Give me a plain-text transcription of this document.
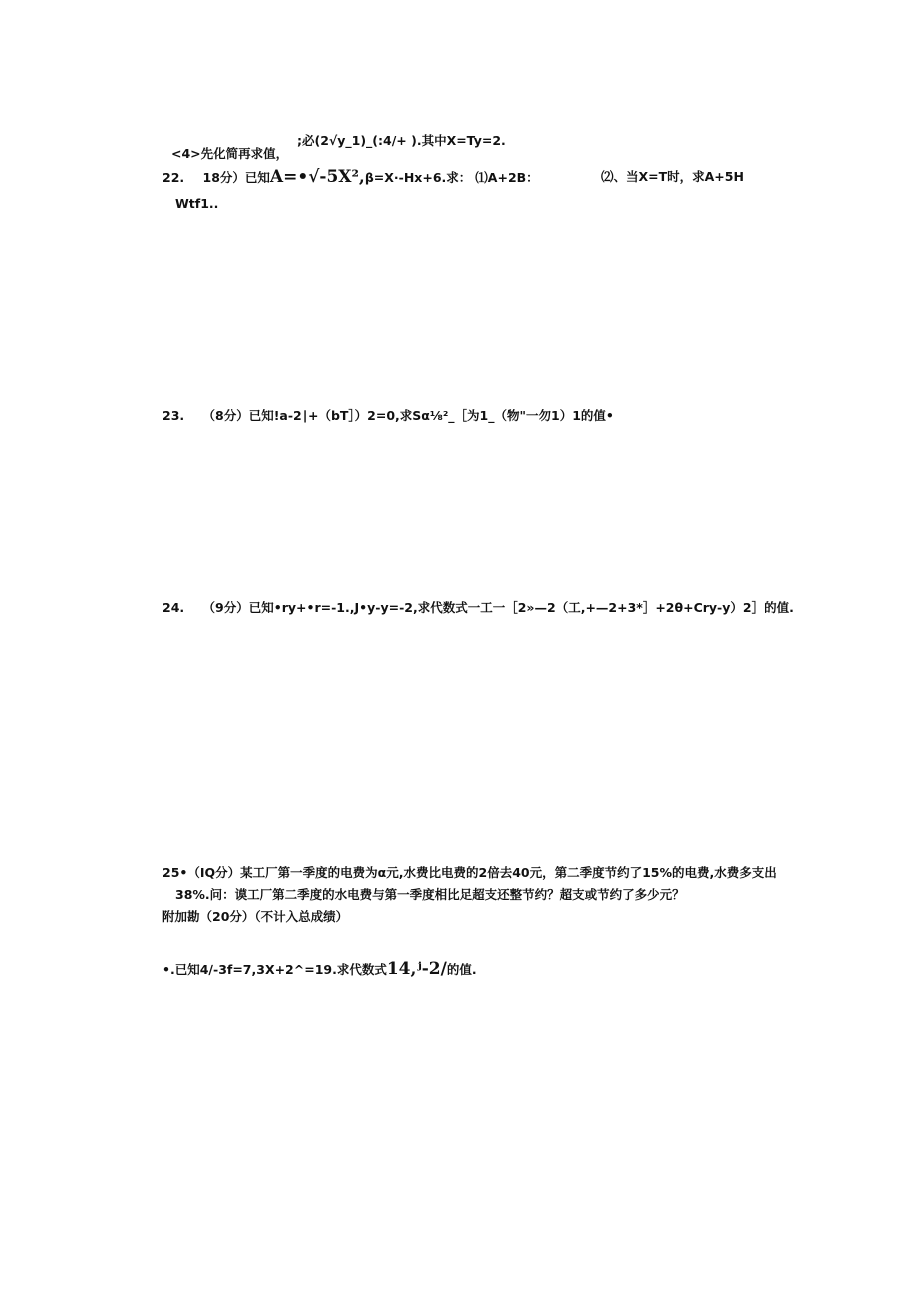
;必(2√y_1)_(:4/+ ).其中X=Ty=2.
<4>先化简再求值，
22. 18分）已知A=•√-5X²,β=X·-Hx+6.求： ⑴A+2B：	⑵、当X=T时，求A+5H
Wtf1..
23. （8分）已知!a-2∣+（bT］）2=0,求Sα⅛²_［为1_（物"一勿1）1的值•
24. （9分）已知•ry+•r=-1.,J•y-y=-2,求代数式一工一［2»—2（工,+—2+3*］+2θ+Cry-y）2］的值.
25•（IQ分）某工厂第一季度的电费为α元,水费比电费的2倍去40元，第二季度节约了15%的电费,水费多支出
38%.问：谟工厂第二季度的水电费与第一季度相比足超支还整节约？超支或节约了多少元？
附加勘（20分）（不计入总成绩）
•.已知4∕-3f=7,3X+2^=19.求代数式14,ʲ-2∕的值.
